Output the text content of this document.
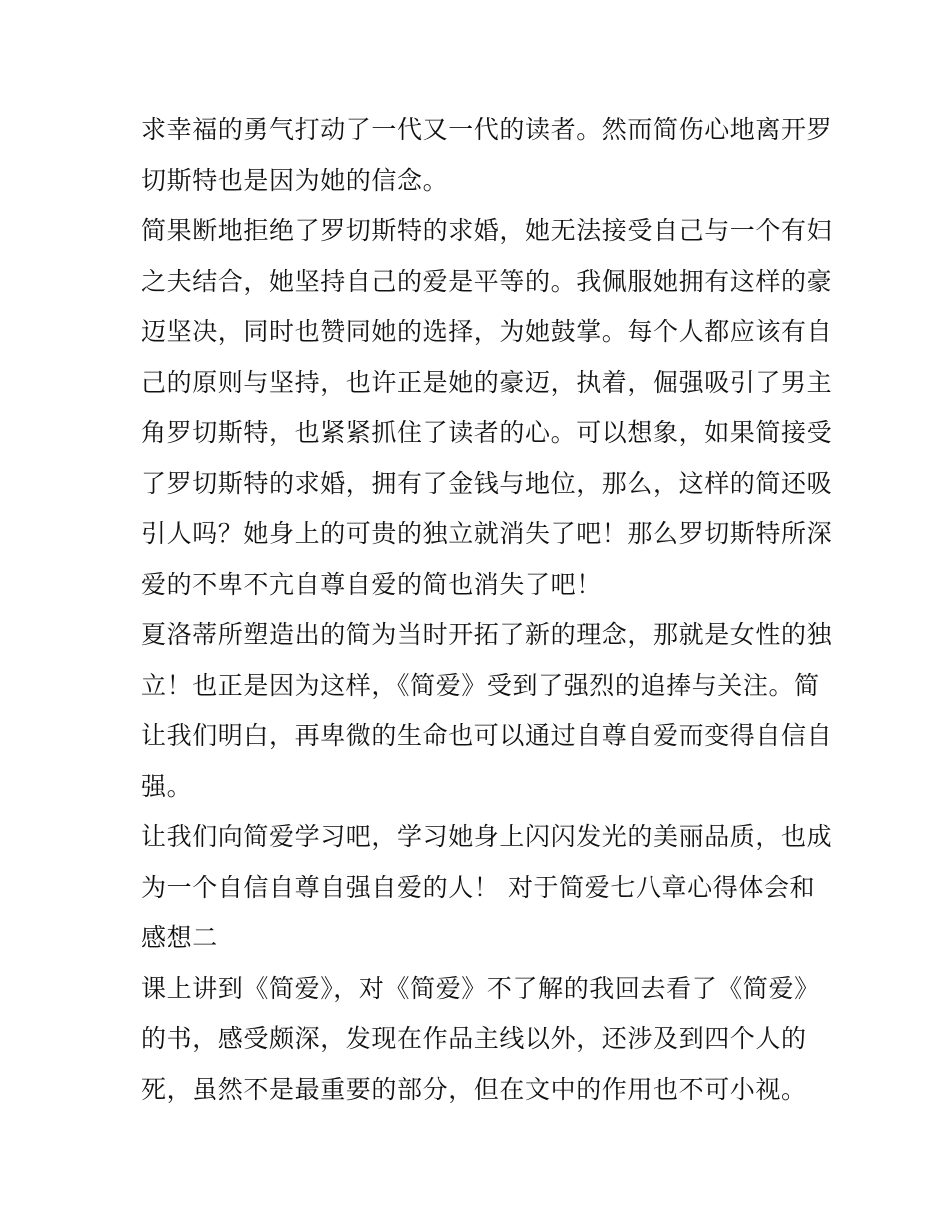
求幸福的勇气打动了一代又一代的读者。然而简伤心地离开罗
切斯特也是因为她的信念。
简果断地拒绝了罗切斯特的求婚，她无法接受自己与一个有妇
之夫结合，她坚持自己的爱是平等的。我佩服她拥有这样的豪
迈坚决，同时也赞同她的选择，为她鼓掌。每个人都应该有自
己的原则与坚持，也许正是她的豪迈，执着，倔强吸引了男主
角罗切斯特，也紧紧抓住了读者的心。可以想象，如果简接受
了罗切斯特的求婚，拥有了金钱与地位，那么，这样的简还吸
引人吗？她身上的可贵的独立就消失了吧！那么罗切斯特所深
爱的不卑不亢自尊自爱的简也消失了吧！
夏洛蒂所塑造出的简为当时开拓了新的理念，那就是女性的独
立！也正是因为这样，《简爱》受到了强烈的追捧与关注。简
让我们明白，再卑微的生命也可以通过自尊自爱而变得自信自
强。
让我们向简爱学习吧，学习她身上闪闪发光的美丽品质，也成
为一个自信自尊自强自爱的人！ 对于简爱七八章心得体会和
感想二
课上讲到《简爱》，对《简爱》不了解的我回去看了《简爱》
的书，感受颇深，发现在作品主线以外，还涉及到四个人的
死，虽然不是最重要的部分，但在文中的作用也不可小视。
